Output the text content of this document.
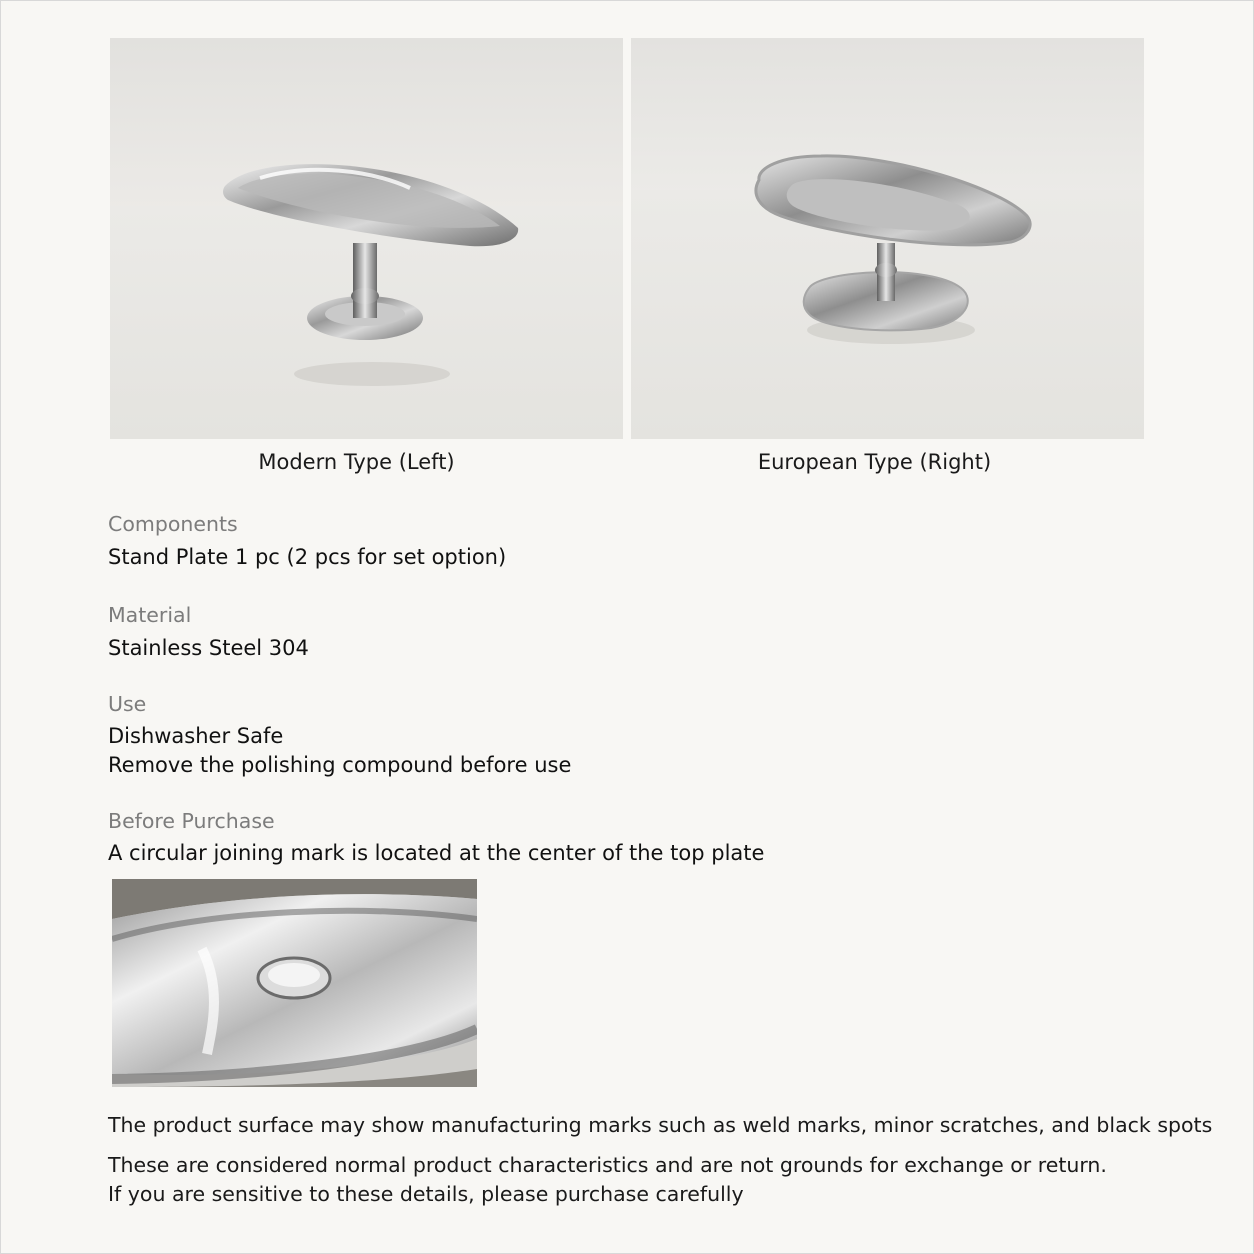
Modern Type (Left)	European Type (Right)
Components
Stand Plate 1 pc (2 pcs for set option)
Material
Stainless Steel 304
Use
Dishwasher Safe
Remove the polishing compound before use
Before Purchase
A circular joining mark is located at the center of the top plate
The product surface may show manufacturing marks such as weld marks, minor scratches, and black spots
These are considered normal product characteristics and are not grounds for exchange or return.
If you are sensitive to these details, please purchase carefully
